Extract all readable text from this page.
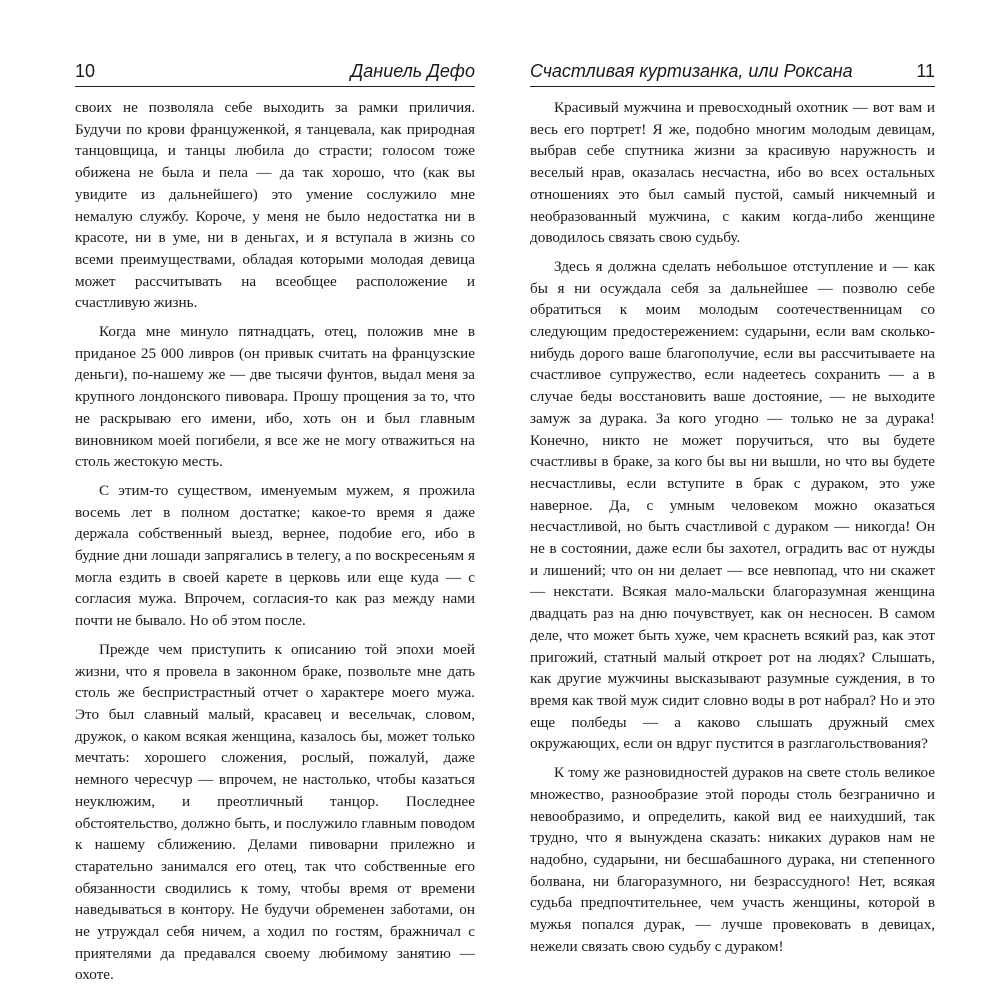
10	Даниель Дефо

своих не позволяла себе выходить за рамки приличия. Будучи по крови француженкой, я танцевала, как природная танцовщица, и танцы любила до страсти; голосом тоже обижена не была и пела — да так хорошо, что (как вы увидите из дальнейшего) это умение сослужило мне немалую службу. Короче, у меня не было недостатка ни в красоте, ни в уме, ни в деньгах, и я вступала в жизнь со всеми преимуществами, обладая которыми молодая девица может рассчитывать на всеобщее расположение и счастливую жизнь.

Когда мне минуло пятнадцать, отец, положив мне в приданое 25 000 ливров (он привык считать на французские деньги), по-нашему же — две тысячи фунтов, выдал меня за крупного лондонского пивовара. Прошу прощения за то, что не раскрываю его имени, ибо, хоть он и был главным виновником моей погибели, я все же не могу отважиться на столь жестокую месть.

С этим-то существом, именуемым мужем, я прожила восемь лет в полном достатке; какое-то время я даже держала собственный выезд, вернее, подобие его, ибо в будние дни лошади запрягались в телегу, а по воскресеньям я могла ездить в своей карете в церковь или еще куда — с согласия мужа. Впрочем, согласия-то как раз между нами почти не бывало. Но об этом после.

Прежде чем приступить к описанию той эпохи моей жизни, что я провела в законном браке, позвольте мне дать столь же беспристрастный отчет о характере моего мужа. Это был славный малый, красавец и весельчак, словом, дружок, о каком всякая женщина, казалось бы, может только мечтать: хорошего сложения, рослый, пожалуй, даже немного чересчур — впрочем, не настолько, чтобы казаться неуклюжим, и преотличный танцор. Последнее обстоятельство, должно быть, и послужило главным поводом к нашему сближению. Делами пивоварни прилежно и старательно занимался его отец, так что собственные его обязанности сводились к тому, чтобы время от времени наведываться в контору. Не будучи обременен заботами, он не утруждал себя ничем, а ходил по гостям, бражничал с приятелями да предавался своему любимому занятию — охоте.

Счастливая куртизанка, или Роксана	11

Красивый мужчина и превосходный охотник — вот вам и весь его портрет! Я же, подобно многим молодым девицам, выбрав себе спутника жизни за красивую наружность и веселый нрав, оказалась несчастна, ибо во всех остальных отношениях это был самый пустой, самый никчемный и необразованный мужчина, с каким когда-либо женщине доводилось связать свою судьбу.

Здесь я должна сделать небольшое отступление и — как бы я ни осуждала себя за дальнейшее — позволю себе обратиться к моим молодым соотечественницам со следующим предостережением: сударыни, если вам сколько-нибудь дорого ваше благополучие, если вы рассчитываете на счастливое супружество, если надеетесь сохранить — а в случае беды восстановить ваше достояние, — не выходите замуж за дурака. За кого угодно — только не за дурака! Конечно, никто не может поручиться, что вы будете счастливы в браке, за кого бы вы ни вышли, но что вы будете несчастливы, если вступите в брак с дураком, это уже наверное. Да, с умным человеком можно оказаться несчастливой, но быть счастливой с дураком — никогда! Он не в состоянии, даже если бы захотел, оградить вас от нужды и лишений; что он ни делает — все невпопад, что ни скажет — некстати. Всякая мало-мальски благоразумная женщина двадцать раз на дню почувствует, как он несносен. В самом деле, что может быть хуже, чем краснеть всякий раз, как этот пригожий, статный малый откроет рот на людях? Слышать, как другие мужчины высказывают разумные суждения, в то время как твой муж сидит словно воды в рот набрал? Но и это еще полбеды — а каково слышать дружный смех окружающих, если он вдруг пустится в разглагольствования?

К тому же разновидностей дураков на свете столь великое множество, разнообразие этой породы столь безгранично и невообразимо, и определить, какой вид ее наихудший, так трудно, что я вынуждена сказать: никаких дураков нам не надобно, сударыни, ни бесшабашного дурака, ни степенного болвана, ни благоразумного, ни безрассудного! Нет, всякая судьба предпочтительнее, чем участь женщины, которой в мужья попался дурак, — лучше провековать в девицах, нежели связать свою судьбу с дураком!
